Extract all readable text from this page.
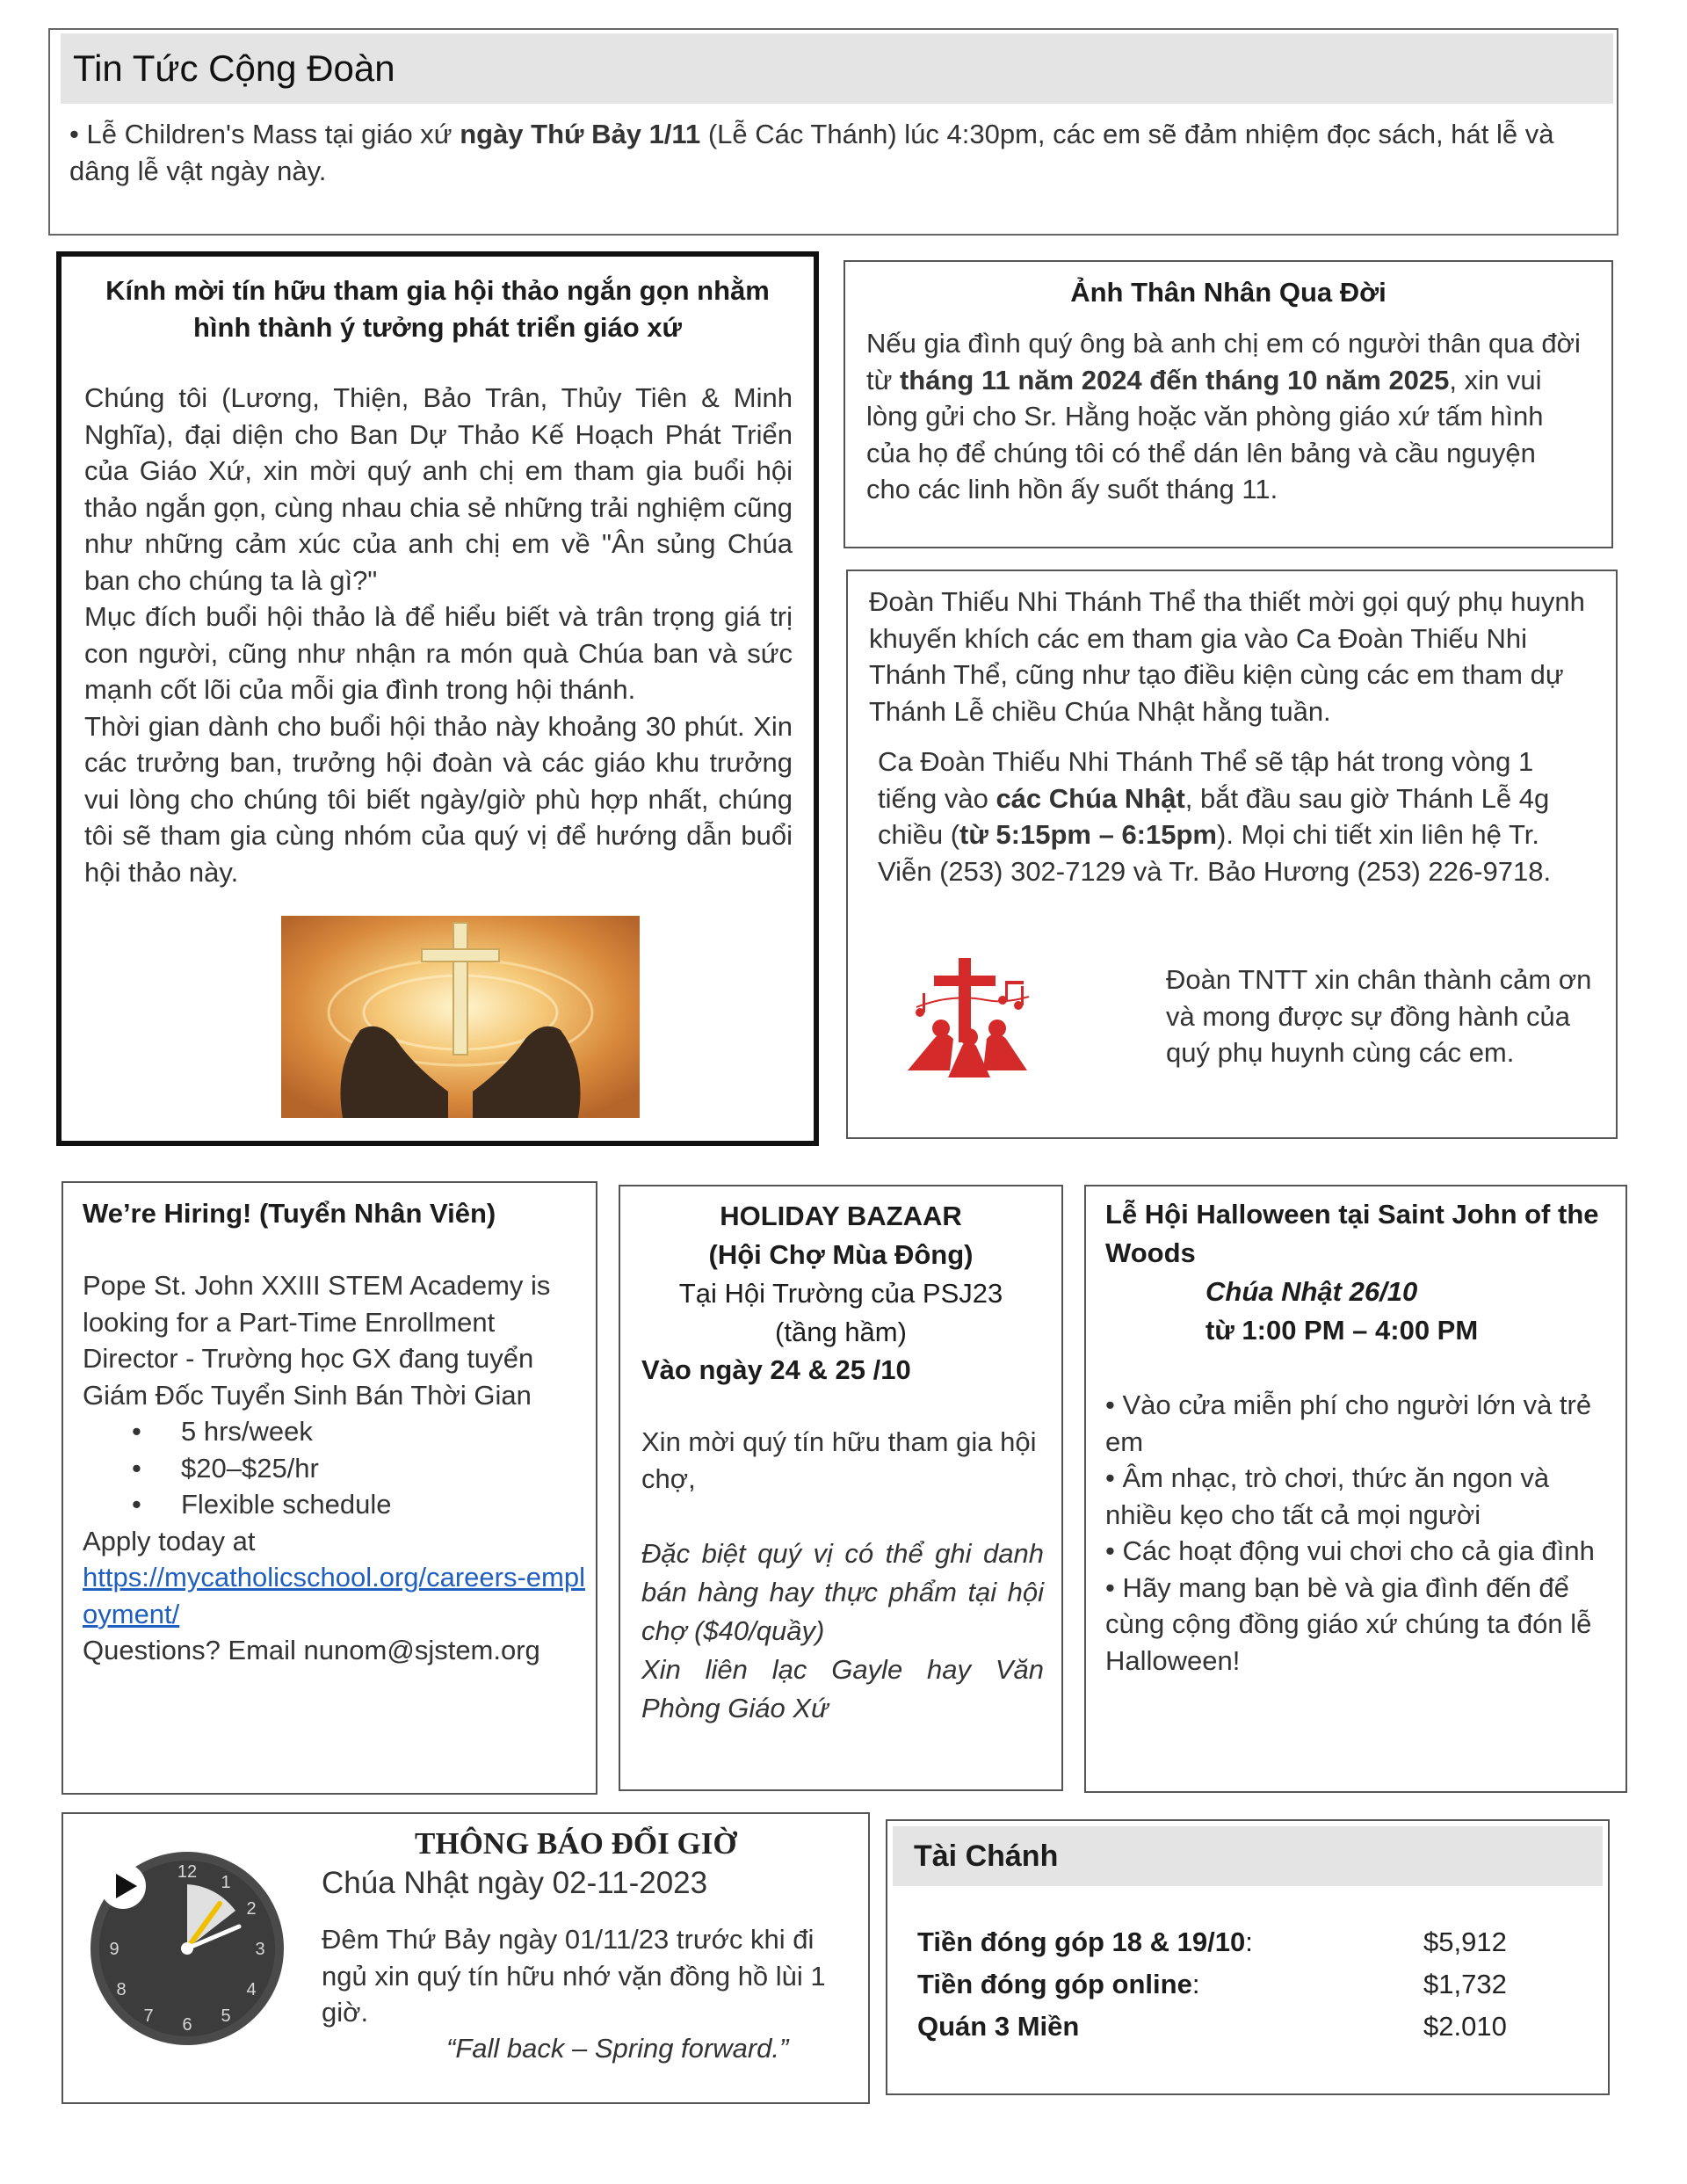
Tin Tức Cộng Đoàn
• Lễ Children's Mass tại giáo xứ ngày Thứ Bảy 1/11 (Lễ Các Thánh) lúc 4:30pm, các em sẽ đảm nhiệm đọc sách, hát lễ và dâng lễ vật ngày này.
Kính mời tín hữu tham gia hội thảo ngắn gọn nhằm hình thành ý tưởng phát triển giáo xứ

Chúng tôi (Lương, Thiện, Bảo Trân, Thủy Tiên & Minh Nghĩa), đại diện cho Ban Dự Thảo Kế Hoạch Phát Triển của Giáo Xứ, xin mời quý anh chị em tham gia buổi hội thảo ngắn gọn, cùng nhau chia sẻ những trải nghiệm cũng như những cảm xúc của anh chị em về "Ân sủng Chúa ban cho chúng ta là gì?"

Mục đích buổi hội thảo là để hiểu biết và trân trọng giá trị con người, cũng như nhận ra món quà Chúa ban và sức mạnh cốt lõi của mỗi gia đình trong hội thánh.

Thời gian dành cho buổi hội thảo này khoảng 30 phút. Xin các trưởng ban, trưởng hội đoàn và các giáo khu trưởng vui lòng cho chúng tôi biết ngày/giờ phù hợp nhất, chúng tôi sẽ tham gia cùng nhóm của quý vị để hướng dẫn buổi hội thảo này.

Ảnh Thân Nhân Qua Đời
Nếu gia đình quý ông bà anh chị em có người thân qua đời từ tháng 11 năm 2024 đến tháng 10 năm 2025, xin vui lòng gửi cho Sr. Hằng hoặc văn phòng giáo xứ tấm hình của họ để chúng tôi có thể dán lên bảng và cầu nguyện cho các linh hồn ấy suốt tháng 11.
Đoàn Thiếu Nhi Thánh Thể tha thiết mời gọi quý phụ huynh khuyến khích các em tham gia vào Ca Đoàn Thiếu Nhi Thánh Thể, cũng như tạo điều kiện cùng các em tham dự Thánh Lễ chiều Chúa Nhật hằng tuần.
Ca Đoàn Thiếu Nhi Thánh Thể sẽ tập hát trong vòng 1 tiếng vào các Chúa Nhật, bắt đầu sau giờ Thánh Lễ 4g chiều (từ 5:15pm – 6:15pm). Mọi chi tiết xin liên hệ Tr. Viễn (253) 302-7129 và Tr. Bảo Hương (253) 226-9718.
Đoàn TNTT xin chân thành cảm ơn và mong được sự đồng hành của quý phụ huynh cùng các em.
We’re Hiring! (Tuyển Nhân Viên)
Pope St. John XXIII STEM Academy is looking for a Part-Time Enrollment Director - Trường học GX đang tuyển Giám Đốc Tuyển Sinh Bán Thời Gian
• 5 hrs/week
• $20–$25/hr
• Flexible schedule
Apply today at
https://mycatholicschool.org/careers-employment/
Questions? Email nunom@sjstem.org
HOLIDAY BAZAAR
(Hội Chợ Mùa Đông)
Tại Hội Trường của PSJ23 (tầng hầm)
Vào ngày 24 & 25 /10
Xin mời quý tín hữu tham gia hội chợ,
Đặc biệt quý vị có thể ghi danh bán hàng hay thực phẩm tại hội chợ ($40/quầy)
Xin liên lạc Gayle hay Văn Phòng Giáo Xứ
Lễ Hội Halloween tại Saint John of the Woods
Chúa Nhật 26/10
từ 1:00 PM – 4:00 PM
• Vào cửa miễn phí cho người lớn và trẻ em
• Âm nhạc, trò chơi, thức ăn ngon và nhiều kẹo cho tất cả mọi người
• Các hoạt động vui chơi cho cả gia đình
• Hãy mang bạn bè và gia đình đến để cùng cộng đồng giáo xứ chúng ta đón lễ Halloween!
12
1
2
3
4
5
6
7
8
9
THÔNG BÁO ĐỔI GIỜ
Chúa Nhật ngày 02-11-2023
Đêm Thứ Bảy ngày 01/11/23 trước khi đi ngủ xin quý tín hữu nhớ vặn đồng hồ lùi 1 giờ.
“Fall back – Spring forward.”
Tài Chánh
Tiền đóng góp 18 & 19/10:	$5,912
Tiền đóng góp online:	$1,732
Quán 3 Miền	$2.010
